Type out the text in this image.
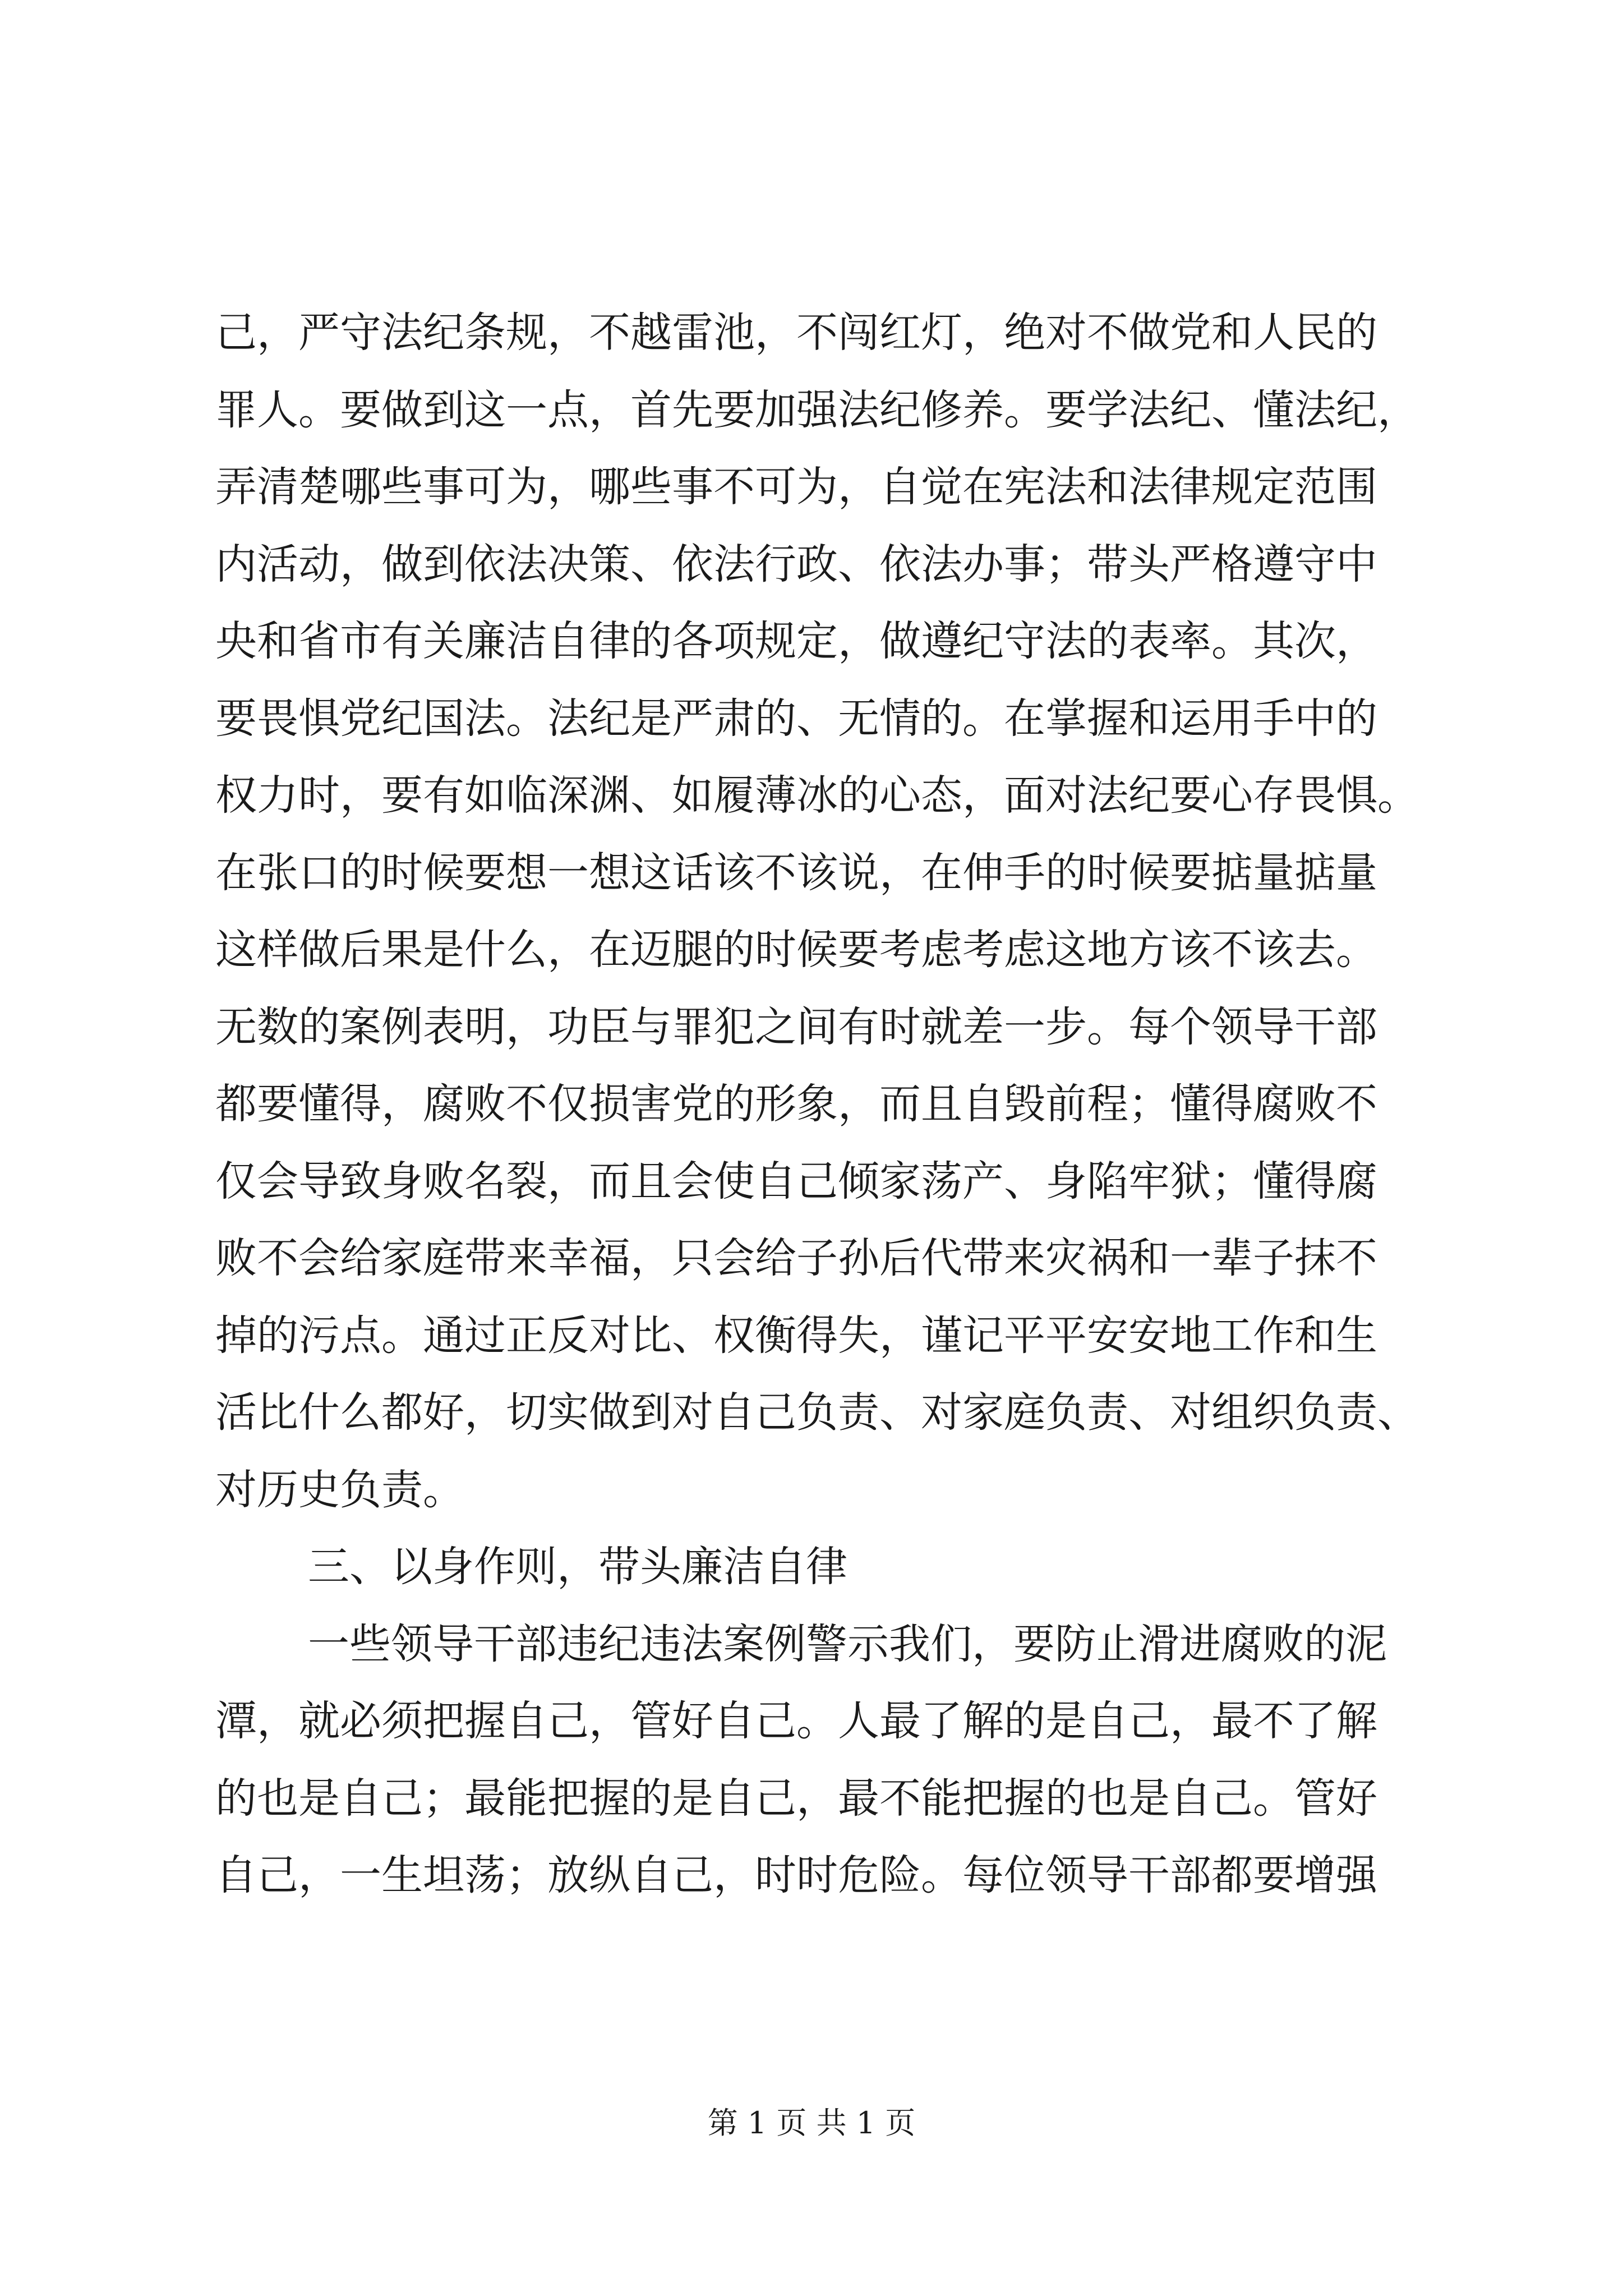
己，严守法纪条规，不越雷池，不闯红灯，绝对不做党和人民的
罪人。要做到这一点，首先要加强法纪修养。要学法纪、懂法纪，
弄清楚哪些事可为，哪些事不可为，自觉在宪法和法律规定范围
内活动，做到依法决策、依法行政、依法办事；带头严格遵守中
央和省市有关廉洁自律的各项规定，做遵纪守法的表率。其次，
要畏惧党纪国法。法纪是严肃的、无情的。在掌握和运用手中的
权力时，要有如临深渊、如履薄冰的心态，面对法纪要心存畏惧。
在张口的时候要想一想这话该不该说，在伸手的时候要掂量掂量
这样做后果是什么，在迈腿的时候要考虑考虑这地方该不该去。
无数的案例表明，功臣与罪犯之间有时就差一步。每个领导干部
都要懂得，腐败不仅损害党的形象，而且自毁前程；懂得腐败不
仅会导致身败名裂，而且会使自己倾家荡产、身陷牢狱；懂得腐
败不会给家庭带来幸福，只会给子孙后代带来灾祸和一辈子抹不
掉的污点。通过正反对比、权衡得失，谨记平平安安地工作和生
活比什么都好，切实做到对自己负责、对家庭负责、对组织负责、
对历史负责。
三、以身作则，带头廉洁自律
一些领导干部违纪违法案例警示我们，要防止滑进腐败的泥
潭，就必须把握自己，管好自己。人最了解的是自己，最不了解
的也是自己；最能把握的是自己，最不能把握的也是自己。管好
自己，一生坦荡；放纵自己，时时危险。每位领导干部都要增强
第 1 页 共 1 页
